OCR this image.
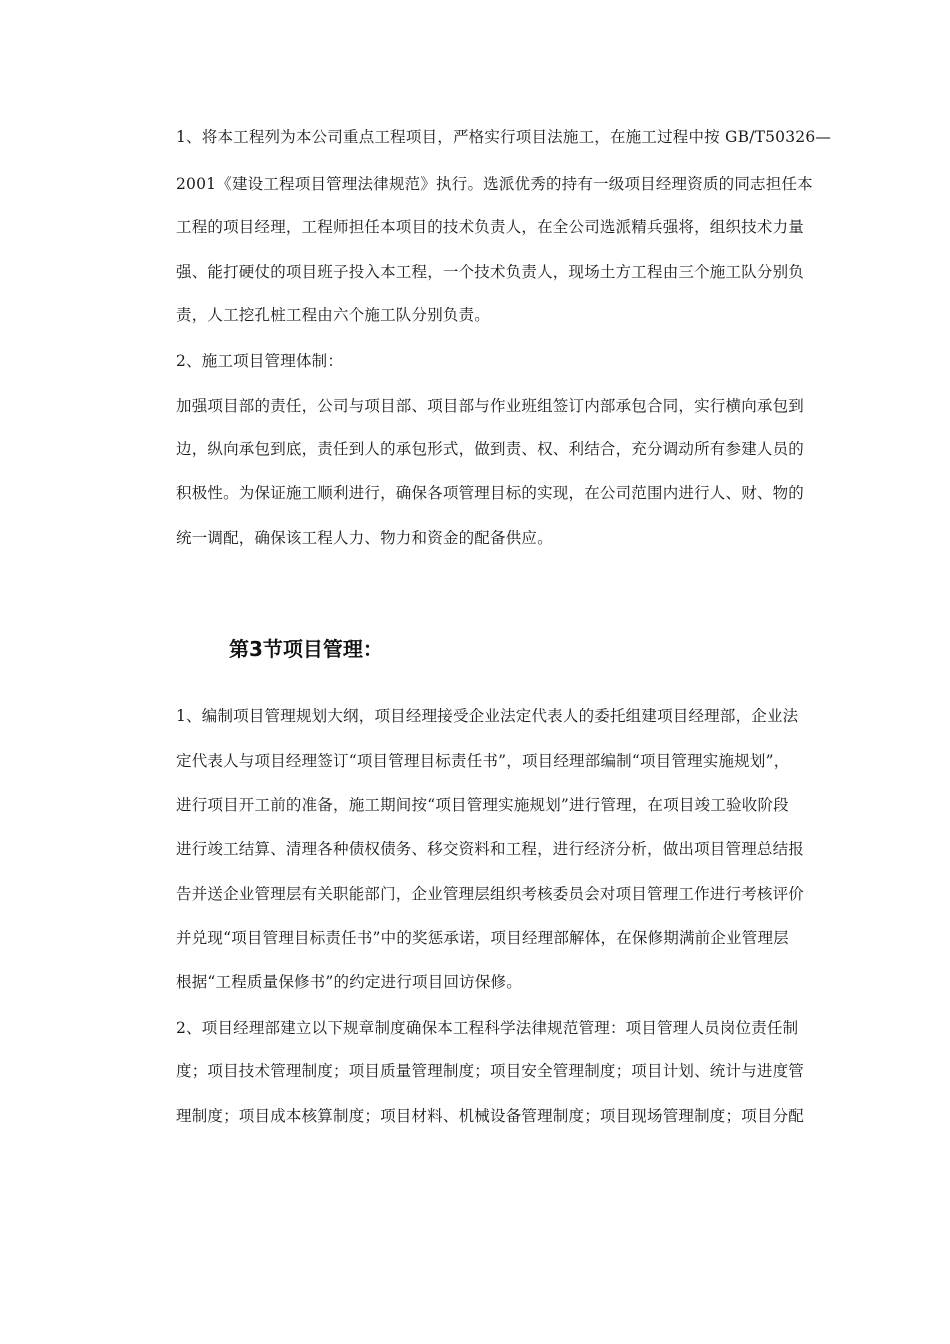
1、将本工程列为本公司重点工程项目，严格实行项目法施工，在施工过程中按 GB/T50326—
2001《建设工程项目管理法律规范》执行。选派优秀的持有一级项目经理资质的同志担任本
工程的项目经理，工程师担任本项目的技术负责人，在全公司选派精兵强将，组织技术力量
强、能打硬仗的项目班子投入本工程，一个技术负责人，现场土方工程由三个施工队分别负
责，人工挖孔桩工程由六个施工队分别负责。
2、施工项目管理体制：
加强项目部的责任，公司与项目部、项目部与作业班组签订内部承包合同，实行横向承包到
边，纵向承包到底，责任到人的承包形式，做到责、权、利结合，充分调动所有参建人员的
积极性。为保证施工顺利进行，确保各项管理目标的实现，在公司范围内进行人、财、物的
统一调配，确保该工程人力、物力和资金的配备供应。
第3节项目管理：
1、编制项目管理规划大纲，项目经理接受企业法定代表人的委托组建项目经理部，企业法
定代表人与项目经理签订“项目管理目标责任书”，项目经理部编制“项目管理实施规划”，
进行项目开工前的准备，施工期间按“项目管理实施规划”进行管理，在项目竣工验收阶段
进行竣工结算、清理各种债权债务、移交资料和工程，进行经济分析，做出项目管理总结报
告并送企业管理层有关职能部门，企业管理层组织考核委员会对项目管理工作进行考核评价
并兑现“项目管理目标责任书”中的奖惩承诺，项目经理部解体，在保修期满前企业管理层
根据“工程质量保修书”的约定进行项目回访保修。
2、项目经理部建立以下规章制度确保本工程科学法律规范管理：项目管理人员岗位责任制
度；项目技术管理制度；项目质量管理制度；项目安全管理制度；项目计划、统计与进度管
理制度；项目成本核算制度；项目材料、机械设备管理制度；项目现场管理制度；项目分配
